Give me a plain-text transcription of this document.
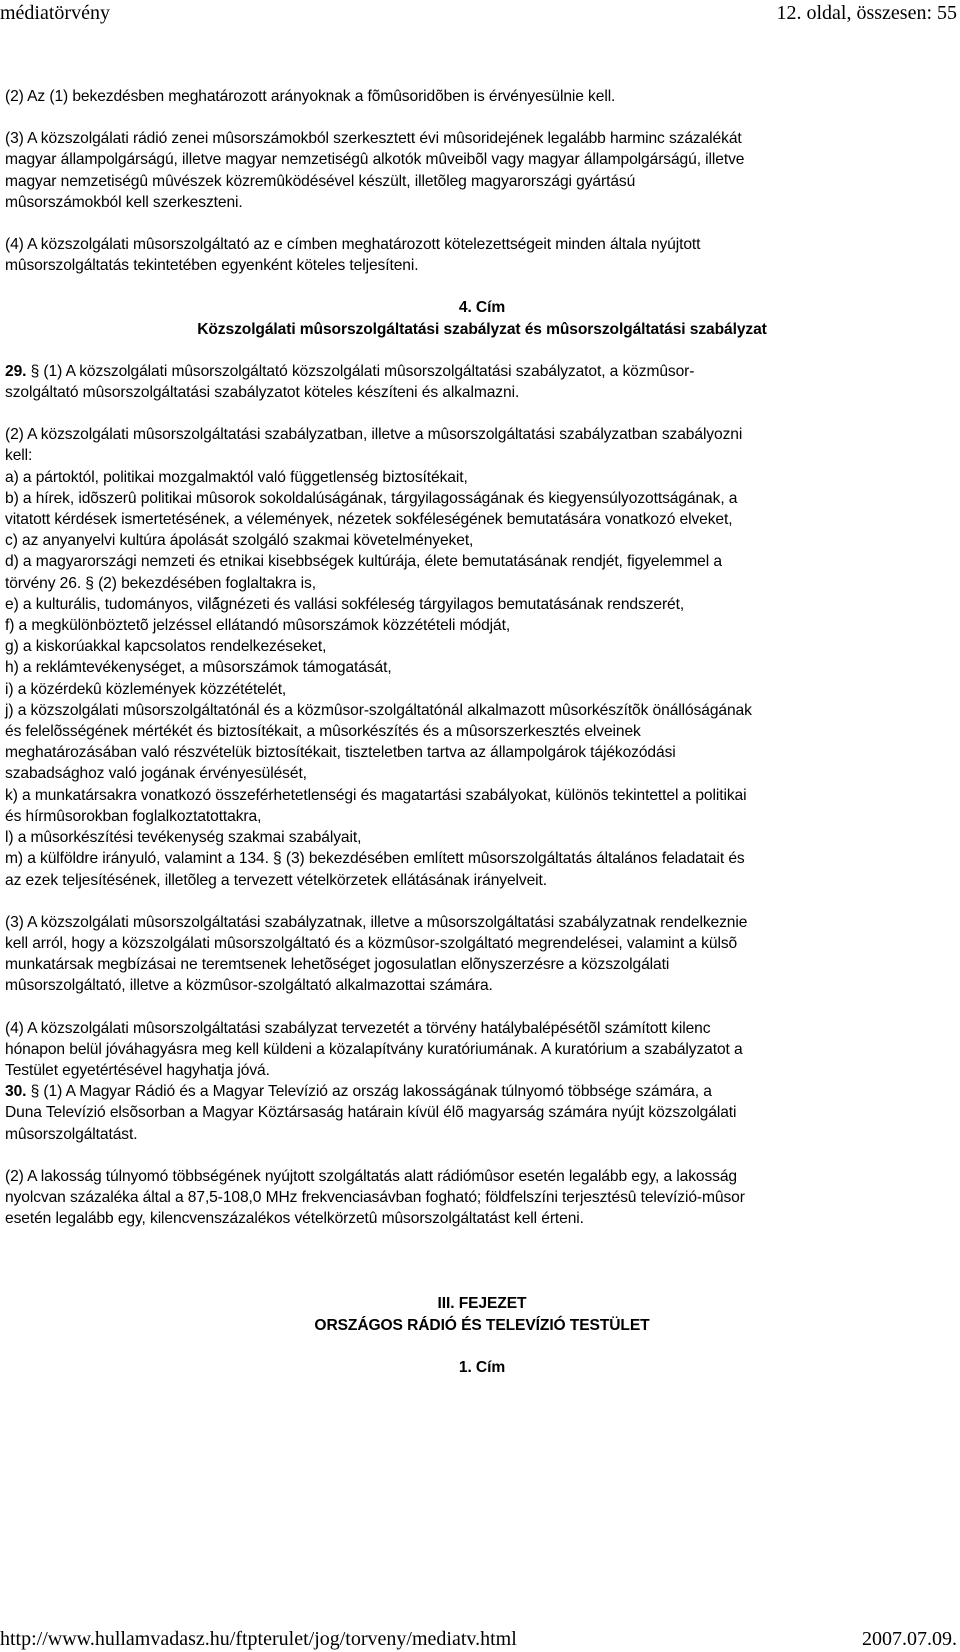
médiatörvény	12. oldal, összesen: 55

(2) Az (1) bekezdésben meghatározott arányoknak a fõmûsoridõben is érvényesülnie kell.

(3) A közszolgálati rádió zenei mûsorszámokból szerkesztett évi mûsoridejének legalább harminc százalékát

magyar állampolgárságú, illetve magyar nemzetiségû alkotók mûveibõl vagy magyar állampolgárságú, illetve

magyar nemzetiségû mûvészek közremûködésével készült, illetõleg magyarországi gyártású

mûsorszámokból kell szerkeszteni.

(4) A közszolgálati mûsorszolgáltató az e címben meghatározott kötelezettségeit minden általa nyújtott

mûsorszolgáltatás tekintetében egyenként köteles teljesíteni.

4. Cím

Közszolgálati mûsorszolgáltatási szabályzat és mûsorszolgáltatási szabályzat

29. § (1) A közszolgálati mûsorszolgáltató közszolgálati mûsorszolgáltatási szabályzatot, a közmûsor-

szolgáltató mûsorszolgáltatási szabályzatot köteles készíteni és alkalmazni.

(2) A közszolgálati mûsorszolgáltatási szabályzatban, illetve a mûsorszolgáltatási szabályzatban szabályozni

kell:

a) a pártoktól, politikai mozgalmaktól való függetlenség biztosítékait,

b) a hírek, idõszerû politikai mûsorok sokoldalúságának, tárgyilagosságának és kiegyensúlyozottságának, a

vitatott kérdések ismertetésének, a vélemények, nézetek sokféleségének bemutatására vonatkozó elveket,

c) az anyanyelvi kultúra ápolását szolgáló szakmai követelményeket,

d) a magyarországi nemzeti és etnikai kisebbségek kultúrája, élete bemutatásának rendjét, figyelemmel a

törvény 26. § (2) bekezdésében foglaltakra is,

e) a kulturális, tudományos, vilá̋gnézeti és vallási sokféleség tárgyilagos bemutatásának rendszerét,

f) a megkülönböztetõ jelzéssel ellátandó mûsorszámok közzétételi módját,

g) a kiskorúakkal kapcsolatos rendelkezéseket,

h) a reklámtevékenységet, a mûsorszámok támogatását,

i) a közérdekû közlemények közzétételét,

j) a közszolgálati mûsorszolgáltatónál és a közmûsor-szolgáltatónál alkalmazott mûsorkészítõk önállóságának

és felelõsségének mértékét és biztosítékait, a mûsorkészítés és a mûsorszerkesztés elveinek

meghatározásában való részvételük biztosítékait, tiszteletben tartva az állampolgárok tájékozódási

szabadsághoz való jogának érvényesülését,

k) a munkatársakra vonatkozó összeférhetetlenségi és magatartási szabályokat, különös tekintettel a politikai

és hírmûsorokban foglalkoztatottakra,

l) a mûsorkészítési tevékenység szakmai szabályait,

m) a külföldre irányuló, valamint a 134. § (3) bekezdésében említett mûsorszolgáltatás általános feladatait és

az ezek teljesítésének, illetõleg a tervezett vételkörzetek ellátásának irányelveit.

(3) A közszolgálati mûsorszolgáltatási szabályzatnak, illetve a mûsorszolgáltatási szabályzatnak rendelkeznie

kell arról, hogy a közszolgálati mûsorszolgáltató és a közmûsor-szolgáltató megrendelései, valamint a külsõ

munkatársak megbízásai ne teremtsenek lehetõséget jogosulatlan elõnyszerzésre a közszolgálati

mûsorszolgáltató, illetve a közmûsor-szolgáltató alkalmazottai számára.

(4) A közszolgálati mûsorszolgáltatási szabályzat tervezetét a törvény hatálybalépésétõl számított kilenc

hónapon belül jóváhagyásra meg kell küldeni a közalapítvány kuratóriumának. A kuratórium a szabályzatot a

Testület egyetértésével hagyhatja jóvá.

30. § (1) A Magyar Rádió és a Magyar Televízió az ország lakosságának túlnyomó többsége számára, a

Duna Televízió elsõsorban a Magyar Köztársaság határain kívül élõ magyarság számára nyújt közszolgálati

mûsorszolgáltatást.

(2) A lakosság túlnyomó többségének nyújtott szolgáltatás alatt rádiómûsor esetén legalább egy, a lakosság

nyolcvan százaléka által a 87,5-108,0 MHz frekvenciasávban fogható; földfelszíni terjesztésû televízió-mûsor

esetén legalább egy, kilencvenszázalékos vételkörzetû mûsorszolgáltatást kell érteni.

III. FEJEZET

ORSZÁGOS RÁDIÓ ÉS TELEVÍZIÓ TESTÜLET

1. Cím

http://www.hullamvadasz.hu/ftpterulet/jog/torveny/mediatv.html	2007.07.09.
